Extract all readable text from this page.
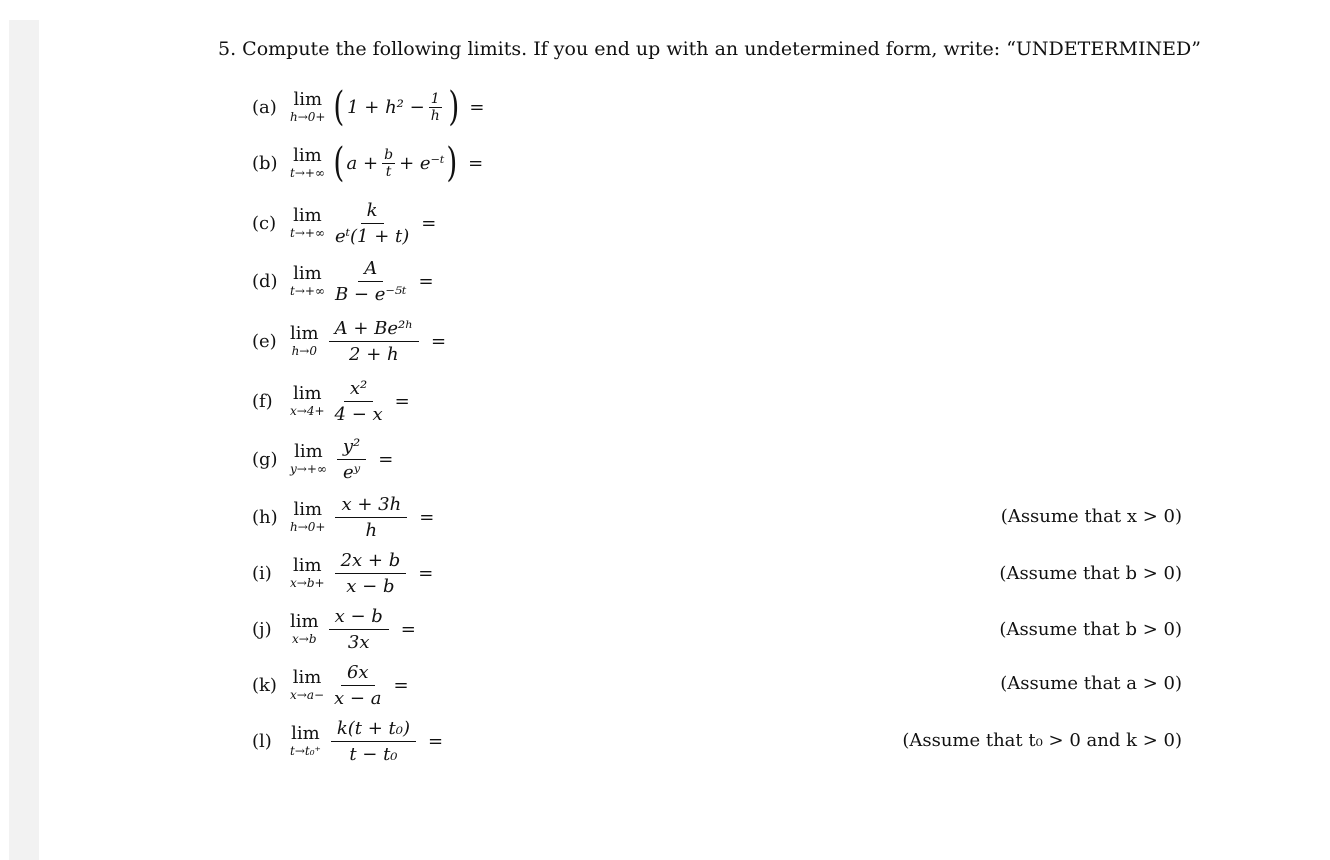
5. Compute the following limits. If you end up with an undetermined form, write: “UNDETERMINED”
(a) lim
h→0+ ( $1 + h^2 - \frac{1}{h}$ ) =
(b) lim
t→+∞ ( $a + \frac{b}{t}$ + e⁻ᵗ ) =
(c) lim
$t\to+\infty \frac{k}{\text{eᵗ(1 + t)}}$ =
(d) lim
$t\to+\infty \frac{A}{\text{B − e⁻⁵ᵗ}}$ =
(e) lim
$h\to 0 \frac{\text{A + Be²ʰ}}{2 + h}$ =
(f)	lim
$x\to 4+ \frac{\text{x²}}{4 - x}$ =
(g) lim
$y\to+\infty \frac{\text{y²}}{\text{eʸ}}$ =
(h) lim
$h\to 0+ \frac{x + 3h}{h}$ =	(Assume that x > 0)
(i)	lim
$x\to b+ \frac{2x + b}{x - b}$ =	(Assume that b > 0)
(j)	lim
$x\to b \frac{x - b}{3x}$ =	(Assume that b > 0)
(k) lim
$x\to a- \frac{6x}{x - a}$ =	(Assume that a > 0)
(l)	lim
$t\to t_0^+ \frac{\text{k(t + t₀)}}{\text{t − t₀}}$ =	(Assume that t₀ > 0 and k > 0)
